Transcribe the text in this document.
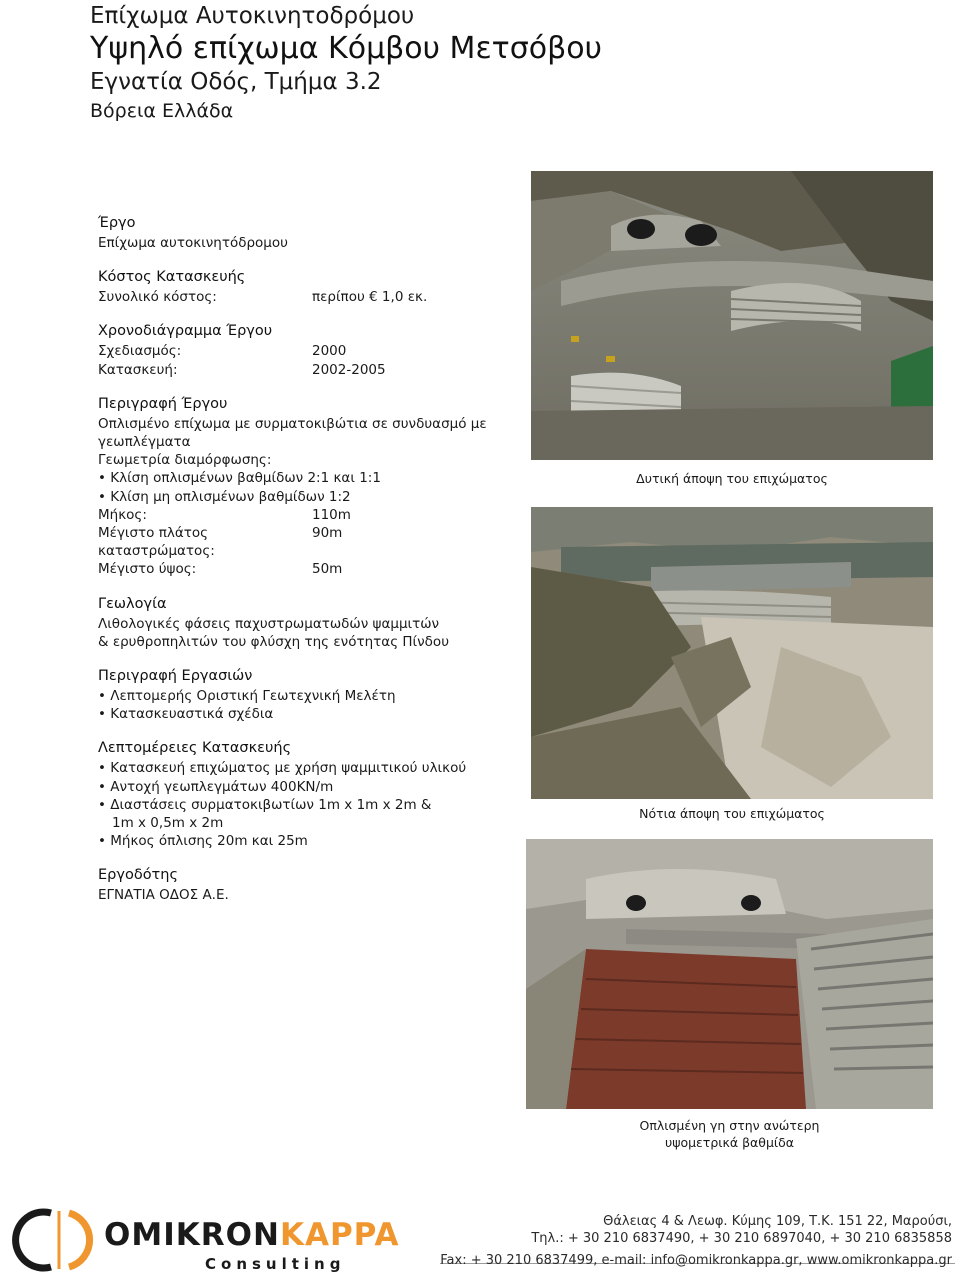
Επίχωμα Αυτοκινητοδρόμου
Υψηλό επίχωμα Κόμβου Μετσόβου
Εγνατία Οδός, Τμήμα 3.2
Βόρεια Ελλάδα
Έργο
Επίχωμα αυτοκινητόδρομου
Κόστος Κατασκευής
Συνολικό κόστος:	περίπου € 1,0 εκ.
Χρονοδιάγραμμα Έργου
Σχεδιασμός:	2000
Κατασκευή:	2002-2005
Περιγραφή Έργου
Οπλισμένο επίχωμα με συρματοκιβώτια σε συνδυασμό με γεωπλέγματα
Γεωμετρία διαμόρφωσης:
• Κλίση οπλισμένων βαθμίδων 2:1 και 1:1
• Κλίση μη οπλισμένων βαθμίδων 1:2
Μήκος:	110m
Μέγιστο πλάτος καταστρώματος:
90m
Μέγιστο ύψος:	50m
Γεωλογία
Λιθολογικές φάσεις παχυστρωματωδών ψαμμιτών
& ερυθροπηλιτών του φλύσχη της ενότητας Πίνδου
Περιγραφή Εργασιών
• Λεπτομερής Οριστική Γεωτεχνική Μελέτη
• Κατασκευαστικά σχέδια
Λεπτομέρειες Κατασκευής
• Κατασκευή επιχώματος με χρήση ψαμμιτικού υλικού
• Αντοχή γεωπλεγμάτων 400KN/m
• Διαστάσεις συρματοκιβωτίων 1m x 1m x 2m &
1m x 0,5m x 2m
• Μήκος όπλισης 20m και 25m
Εργοδότης
ΕΓΝΑΤΙΑ ΟΔΟΣ Α.Ε.
Δυτική άποψη του επιχώματος
Νότια άποψη του επιχώματος
Οπλισμένη γη στην ανώτερη
υψομετρικά βαθμίδα
OMIKRONKAPPA
Consulting
Θάλειας 4 & Λεωφ. Κύμης 109, Τ.Κ. 151 22, Μαρούσι,
Τηλ.: + 30 210 6837490, + 30 210 6897040, + 30 210 6835858
Fax: + 30 210 6837499, e-mail: info@omikronkappa.gr, www.omikronkappa.gr
